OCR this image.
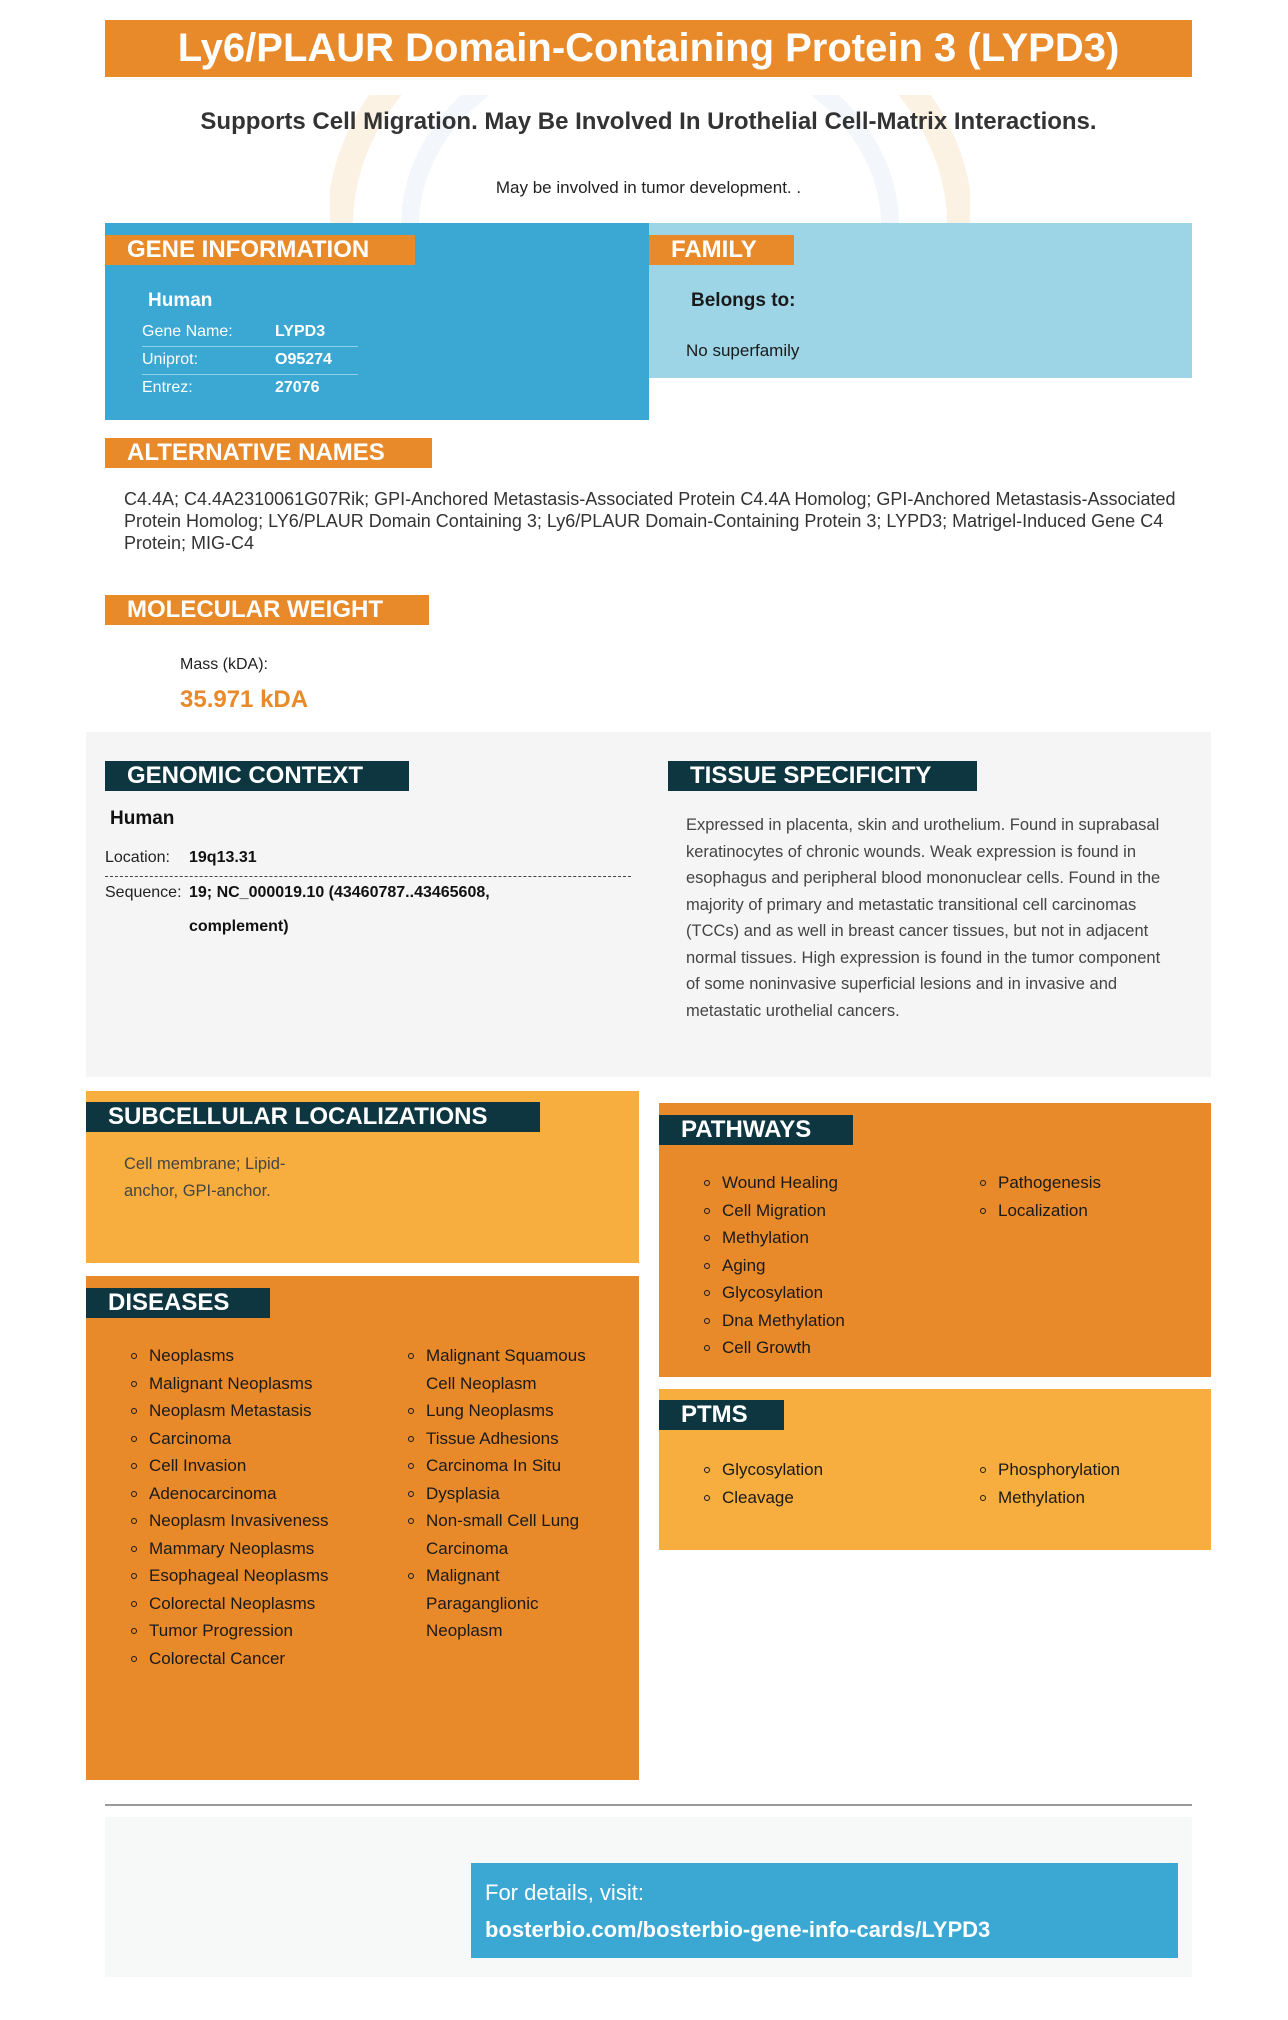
Ly6/PLAUR Domain-Containing Protein 3 (LYPD3)
Supports Cell Migration. May Be Involved In Urothelial Cell-Matrix Interactions.
May be involved in tumor development. .
GENE INFORMATION
Human
Gene Name:	LYPD3
Uniprot:	O95274
Entrez:	27076
FAMILY
Belongs to:
No superfamily
ALTERNATIVE NAMES
C4.4A; C4.4A2310061G07Rik; GPI-Anchored Metastasis-Associated Protein C4.4A Homolog; GPI-Anchored Metastasis-Associated Protein Homolog; LY6/PLAUR Domain Containing 3; Ly6/PLAUR Domain-Containing Protein 3; LYPD3; Matrigel-Induced Gene C4 Protein; MIG-C4
MOLECULAR WEIGHT
Mass (kDA):
35.971 kDA
GENOMIC CONTEXT
Human
Location: 19q13.31
Sequence: 19; NC_000019.10 (43460787..43465608,
complement)
TISSUE SPECIFICITY
Expressed in placenta, skin and urothelium. Found in suprabasal keratinocytes of chronic wounds. Weak expression is found in esophagus and peripheral blood mononuclear cells. Found in the majority of primary and metastatic transitional cell carcinomas (TCCs) and as well in breast cancer tissues, but not in adjacent normal tissues. High expression is found in the tumor component of some noninvasive superficial lesions and in invasive and metastatic urothelial cancers.
SUBCELLULAR LOCALIZATIONS
Cell membrane; Lipid-
anchor, GPI-anchor.
PATHWAYS
Wound Healing
Cell Migration
Methylation
Aging
Glycosylation
Dna Methylation
Cell Growth
Pathogenesis
Localization
DISEASES
Neoplasms
Malignant Neoplasms
Neoplasm Metastasis
Carcinoma
Cell Invasion
Adenocarcinoma
Neoplasm Invasiveness
Mammary Neoplasms
Esophageal Neoplasms
Colorectal Neoplasms
Tumor Progression
Colorectal Cancer
Malignant Squamous
Cell Neoplasm
Lung Neoplasms
Tissue Adhesions
Carcinoma In Situ
Dysplasia
Non-small Cell Lung
Carcinoma
Malignant
Paraganglionic
Neoplasm
PTMS
Glycosylation
Cleavage
Phosphorylation
Methylation
For details, visit:
bosterbio.com/bosterbio-gene-info-cards/LYPD3
